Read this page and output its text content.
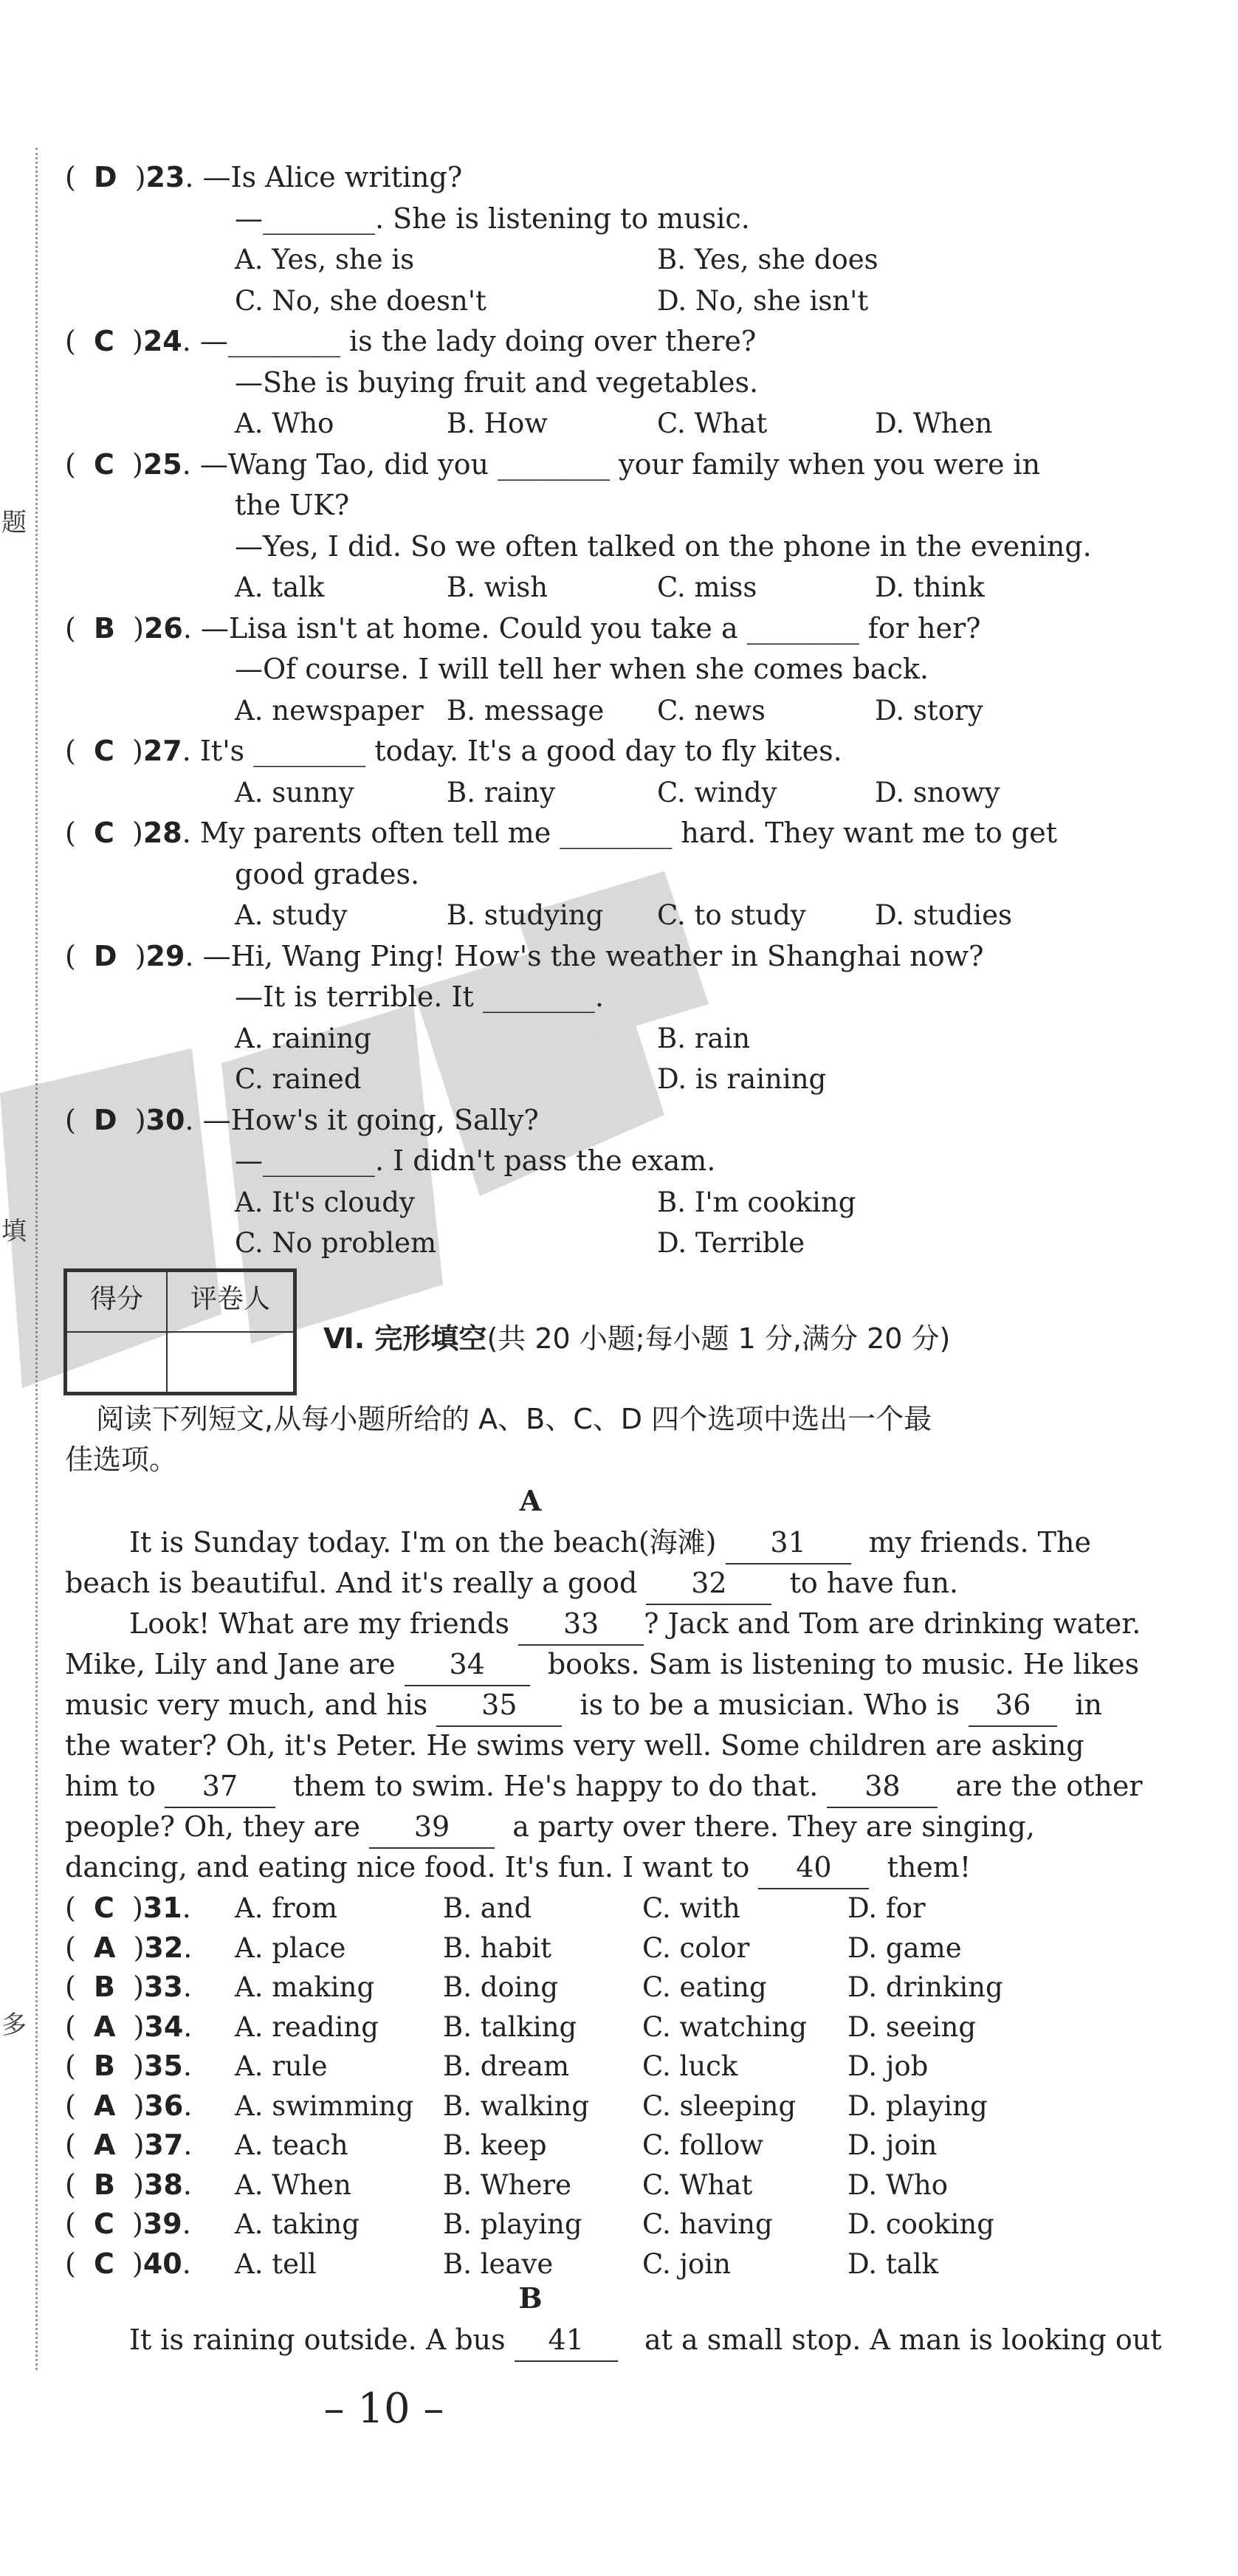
题
填
多
(  D  )23. —Is Alice writing?
—________. She is listening to music.
A. Yes, she is	B. Yes, she does
C. No, she doesn't	D. No, she isn't
(  C  )24. —________ is the lady doing over there?
—She is buying fruit and vegetables.
A. Who	B. How	C. What	D. When
(  C  )25. —Wang Tao, did you ________ your family when you were in
the UK?
—Yes, I did. So we often talked on the phone in the evening.
A. talk	B. wish	C. miss	D. think
(  B  )26. —Lisa isn't at home. Could you take a ________ for her?
—Of course. I will tell her when she comes back.
A. newspaper B. message C. news	D. story
(  C  )27. It's ________ today. It's a good day to fly kites.
A. sunny	B. rainy	C. windy	D. snowy
(  C  )28. My parents often tell me ________ hard. They want me to get
good grades.
A. study	B. studying C. to study	D. studies
(  D  )29. —Hi, Wang Ping! How's the weather in Shanghai now?
—It is terrible. It ________.
A. raining	B. rain
C. rained	D. is raining
(  D  )30. —How's it going, Sally?
—________. I didn't pass the exam.
A. It's cloudy	B. I'm cooking
C. No problem	D. Terrible
得分	评卷人
Ⅵ. 完形填空(共 20 小题;每小题 1 分,满分 20 分)
阅读下列短文,从每小题所给的 A、B、C、D 四个选项中选出一个最
佳选项。
A
It is Sunday today. I'm on the beach(海滩) 31  my friends. The
beach is beautiful. And it's really a good 32  to have fun.
Look! What are my friends 33 ? Jack and Tom are drinking water.
Mike, Lily and Jane are 34  books. Sam is listening to music. He likes
music very much, and his 35  is to be a musician. Who is 36  in
the water? Oh, it's Peter. He swims very well. Some children are asking
him to 37  them to swim. He's happy to do that. 38  are the other
people? Oh, they are 39  a party over there. They are singing,
dancing, and eating nice food. It's fun. I want to 40  them!
(  C  )31. A. from	B. and	C. with	D. for
(  A  )32. A. place	B. habit	C. color	D. game
(  B  )33. A. making	B. doing	C. eating	D. drinking
(  A  )34. A. reading B. talking C. watching D. seeing
(  B  )35. A. rule	B. dream	C. luck	D. job
(  A  )36. A. swimming B. walking C. sleeping D. playing
(  A  )37. A. teach	B. keep	C. follow	D. join
(  B  )38. A. When	B. Where	C. What	D. Who
(  C  )39. A. taking	B. playing C. having	D. cooking
(  C  )40. A. tell	B. leave	C. join	D. talk
B
It is raining outside. A bus 41   at a small stop. A man is looking out
– 10 –
